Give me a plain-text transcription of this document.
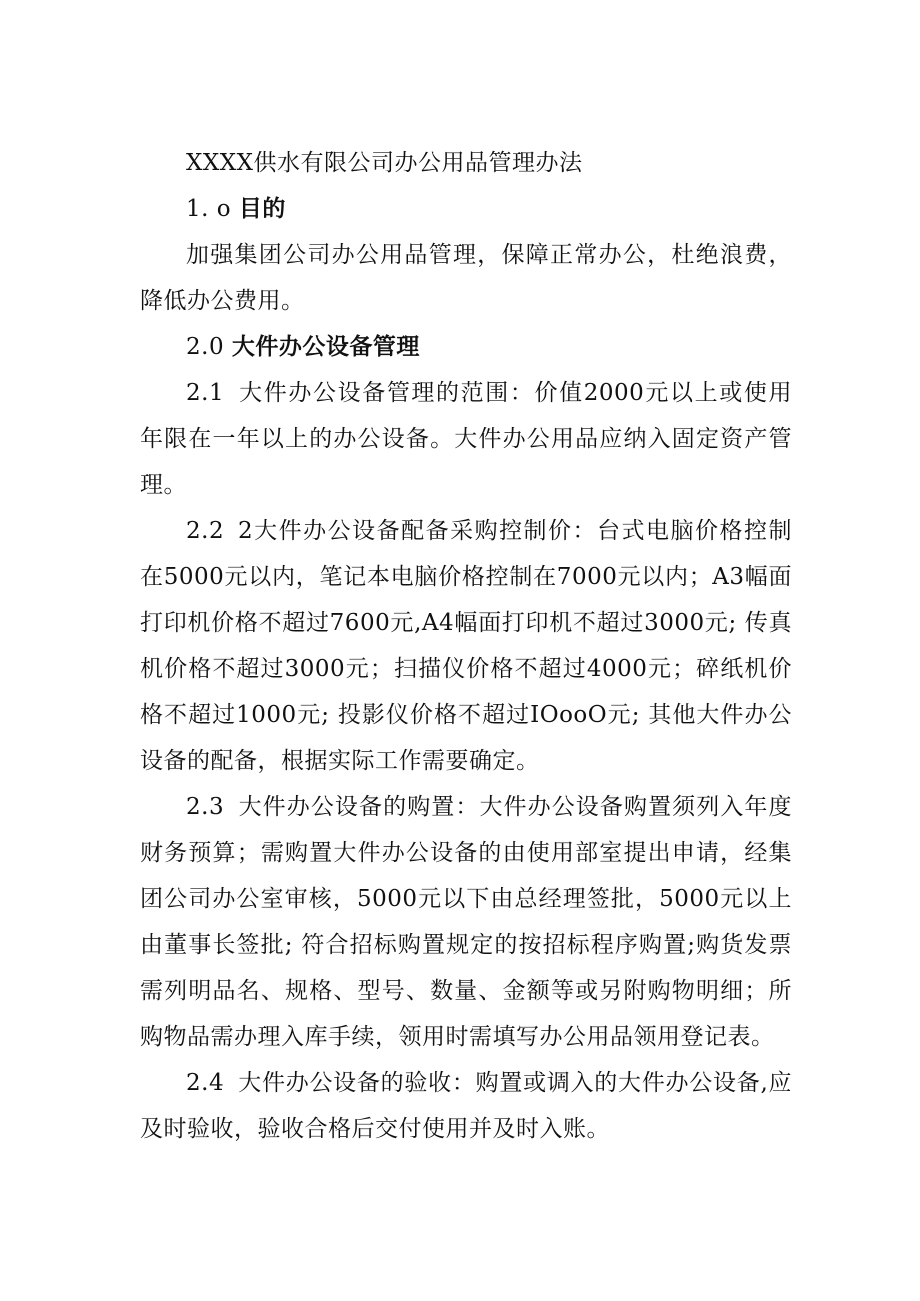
XXXX供水有限公司办公用品管理办法

1. o 目的

加强集团公司办公用品管理，保障正常办公，杜绝浪费，降低办公费用。

2.0 大件办公设备管理

2.1 大件办公设备管理的范围：价值2000元以上或使用年限在一年以上的办公设备。大件办公用品应纳入固定资产管理。

2.2 2大件办公设备配备采购控制价：台式电脑价格控制在5000元以内，笔记本电脑价格控制在7000元以内；A3幅面打印机价格不超过7600元,A4幅面打印机不超过3000元; 传真机价格不超过3000元；扫描仪价格不超过4000元；碎纸机价格不超过1000元; 投影仪价格不超过IOooO元; 其他大件办公设备的配备，根据实际工作需要确定。

2.3 大件办公设备的购置：大件办公设备购置须列入年度财务预算；需购置大件办公设备的由使用部室提出申请，经集团公司办公室审核，5000元以下由总经理签批，5000元以上由董事长签批; 符合招标购置规定的按招标程序购置;购货发票需列明品名、规格、型号、数量、金额等或另附购物明细；所购物品需办理入库手续，领用时需填写办公用品领用登记表。

2.4 大件办公设备的验收：购置或调入的大件办公设备,应及时验收，验收合格后交付使用并及时入账。
